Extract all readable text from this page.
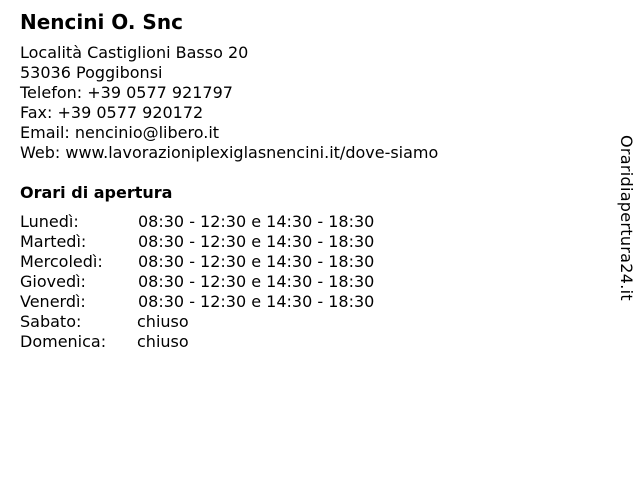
Nencini O. Snc
Località Castiglioni Basso 20
53036 Poggibonsi
Telefon: +39 0577 921797
Fax: +39 0577 920172
Email: nencinio@libero.it
Web: www.lavorazioniplexiglasnencini.it/dove-siamo
Orari di apertura
Lunedì:	08:30 - 12:30 e 14:30 - 18:30
Martedì:	08:30 - 12:30 e 14:30 - 18:30
Mercoledì:	08:30 - 12:30 e 14:30 - 18:30
Giovedì:	08:30 - 12:30 e 14:30 - 18:30
Venerdì:	08:30 - 12:30 e 14:30 - 18:30
Sabato:	chiuso
Domenica:	chiuso
Oraridiapertura24.it
